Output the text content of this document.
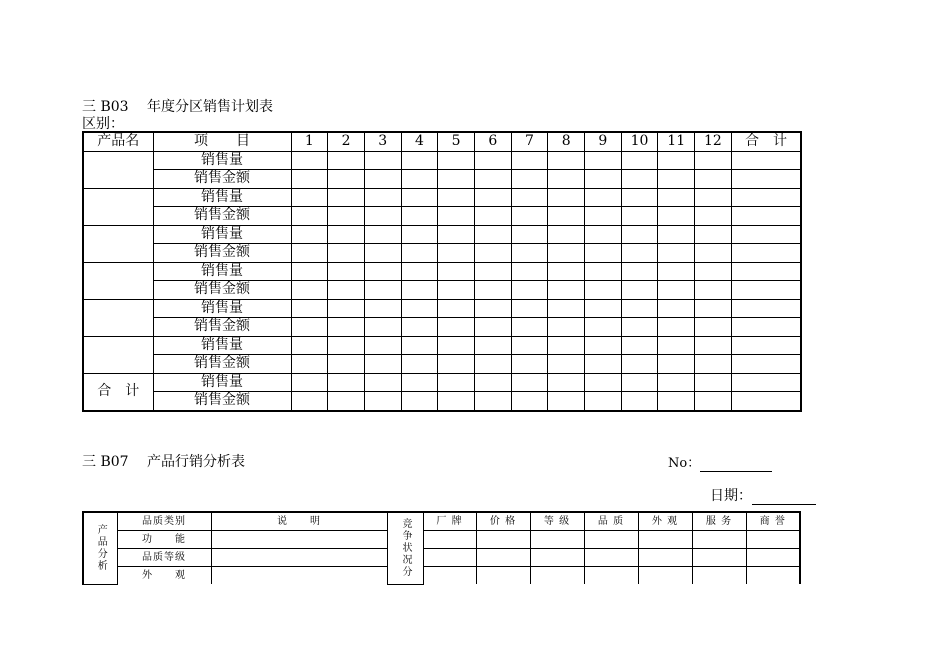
三 B03　 年度分区销售计划表
区别：
产品名	项　　目	1	2	3	4	5	6	7	8	9	10	11	12	合　计
	销售量													
	销售金额													
	销售量													
	销售金额													
	销售量													
	销售金额													
	销售量													
	销售金额													
	销售量													
	销售金额													
	销售量													
	销售金额													
合　计	销售量													
	销售金额													
三 B07　 产品行销分析表	No：
日期：
产品分析	品质类别	说　　明	竞争状况分	厂 牌	价 格	等 级	品 质	外 观	服 务	商 誉
	功　　能									
	品质等级									
	外　　观									
